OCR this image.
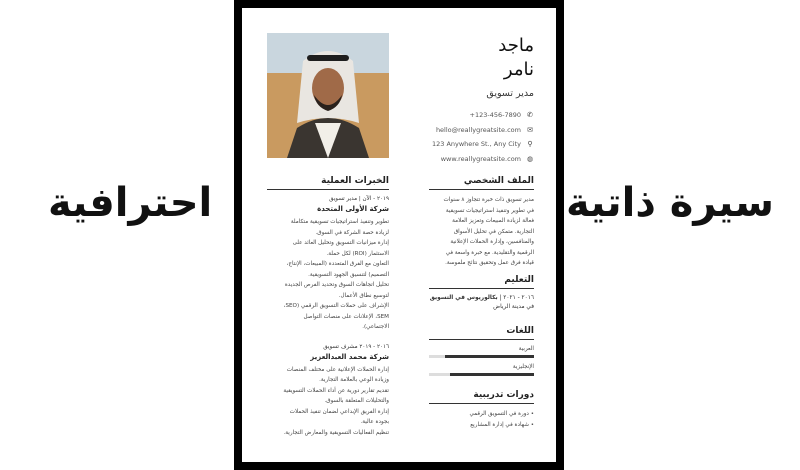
احترافية	سيرة ذاتية
ماجد
نامر
مدير تسويق
✆
+123-456-7890
✉
hello@reallygreatsite.com
⚲
123 Anywhere St., Any City
◍
www.reallygreatsite.com
الملف الشخصي
مدير تسويق ذات خبرة تتجاوز ٨ سنوات
في تطوير وتنفيذ استراتيجيات تسويقية
فعالة لزيادة المبيعات وتعزيز العلامة
التجارية. متمكن في تحليل الأسواق
والمنافسين، وإدارة الحملات الإعلانية
الرقمية والتقليدية. مع خبرة واسعة في
قيادة فرق عمل وتحقيق نتائج ملموسة.
التعليم
٢٠١٦ - ٢٠٢١ | بكالوريوس في التسويق
في مدينة الرياض
اللغات
العربية
الإنجليزية
دورات تدريبية
• دورة في التسويق الرقمي
• شهادة في إدارة المشاريع
الخبرات العملية
٢٠١٩ - الآن | مدير تسويق
شركة الأولى المتحدة
تطوير وتنفيذ استراتيجيات تسويقية متكاملة
لزيادة حصة الشركة في السوق.
إدارة ميزانيات التسويق وتحليل العائد على
الاستثمار (ROI) لكل حملة.
التعاون مع الفرق المتعددة (المبيعات، الإنتاج،
التصميم) لتنسيق الجهود التسويقية.
تحليل اتجاهات السوق وتحديد الفرص الجديدة
لتوسيع نطاق الأعمال.
الإشراف على حملات التسويق الرقمي (SEO،
SEM، الإعلانات على منصات التواصل
الاجتماعي).
٢٠١٦ - ٢٠١٩ مشرف تسويق
شركة محمد العبدالعزيز
إدارة الحملات الإعلانية على مختلف المنصات
وزيادة الوعي بالعلامة التجارية.
تقديم تقارير دورية عن أداء الحملات التسويقية
والتحليلات المتعلقة بالسوق.
إدارة الفريق الإبداعي لضمان تنفيذ الحملات
بجودة عالية.
تنظيم الفعاليات التسويقية والمعارض التجارية.
